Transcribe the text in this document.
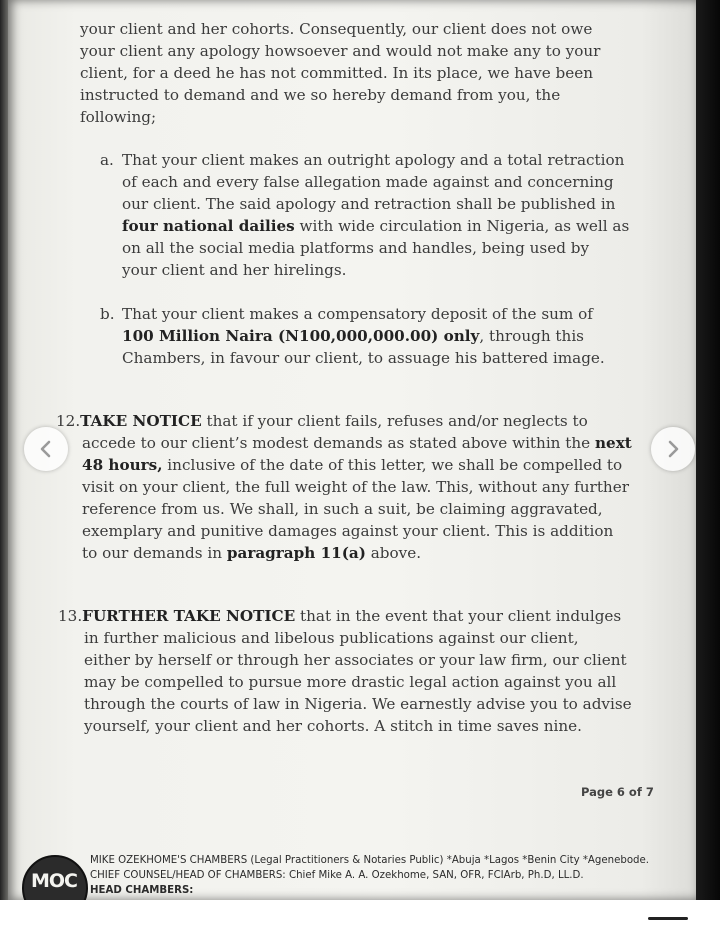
your client and her cohorts. Consequently, our client does not owe
your client any apology howsoever and would not make any to your
client, for a deed he has not committed. In its place, we have been
instructed to demand and we so hereby demand from you, the
following;
a. That your client makes an outright apology and a total retraction
of each and every false allegation made against and concerning
our client. The said apology and retraction shall be published in
four national dailies with wide circulation in Nigeria, as well as
on all the social media platforms and handles, being used by
your client and her hirelings.
b. That your client makes a compensatory deposit of the sum of
100 Million Naira (N100,000,000.00) only, through this
Chambers, in favour our client, to assuage his battered image.
12.TAKE NOTICE that if your client fails, refuses and/or neglects to
accede to our client’s modest demands as stated above within the next
48 hours, inclusive of the date of this letter, we shall be compelled to
visit on your client, the full weight of the law. This, without any further
reference from us. We shall, in such a suit, be claiming aggravated,
exemplary and punitive damages against your client. This is addition
to our demands in paragraph 11(a) above.
13.FURTHER TAKE NOTICE that in the event that your client indulges
in further malicious and libelous publications against our client,
either by herself or through her associates or your law firm, our client
may be compelled to pursue more drastic legal action against you all
through the courts of law in Nigeria. We earnestly advise you to advise
yourself, your client and her cohorts. A stitch in time saves nine.
Page 6 of 7
MOC
MIKE OZEKHOME'S CHAMBERS (Legal Practitioners & Notaries Public) *Abuja *Lagos *Benin City *Agenebode.
CHIEF COUNSEL/HEAD OF CHAMBERS: Chief Mike A. A. Ozekhome, SAN, OFR, FCIArb, Ph.D, LL.D.
HEAD CHAMBERS:
